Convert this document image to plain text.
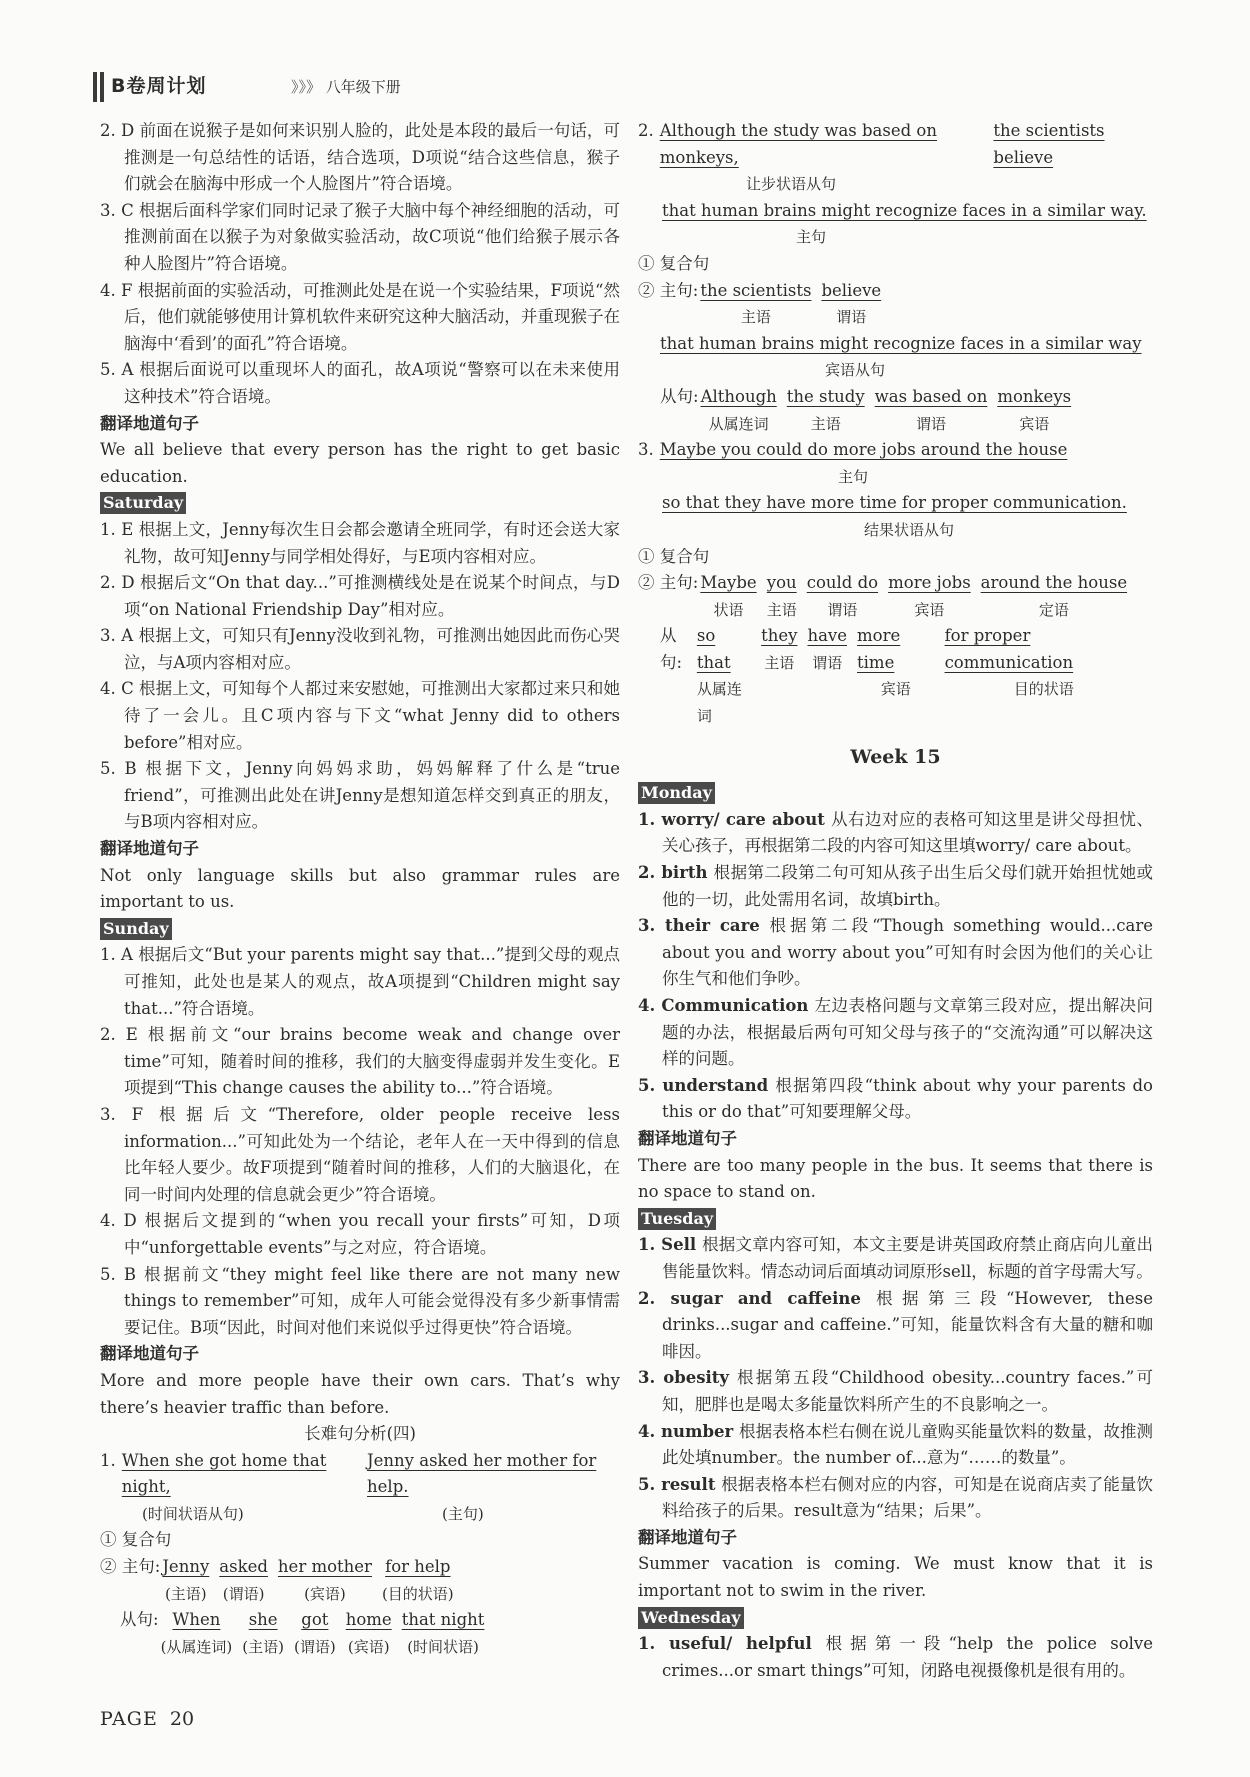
B卷周计划	》》》 八年级下册

2. D 前面在说猴子是如何来识别人脸的，此处是本段的最后一句话，可推测是一句总结性的话语，结合选项，D项说“结合这些信息，猴子们就会在脑海中形成一个人脸图片”符合语境。

3. C 根据后面科学家们同时记录了猴子大脑中每个神经细胞的活动，可推测前面在以猴子为对象做实验活动，故C项说“他们给猴子展示各种人脸图片”符合语境。

4. F 根据前面的实验活动，可推测此处是在说一个实验结果，F项说“然后，他们就能够使用计算机软件来研究这种大脑活动，并重现猴子在脑海中‘看到’的面孔”符合语境。

5. A 根据后面说可以重现坏人的面孔，故A项说“警察可以在未来使用这种技术”符合语境。

翻译地道句子

We all believe that every person has the right to get basic education.

Saturday

1. E 根据上文，Jenny每次生日会都会邀请全班同学，有时还会送大家礼物，故可知Jenny与同学相处得好，与E项内容相对应。

2. D 根据后文“On that day...”可推测横线处是在说某个时间点，与D项“on National Friendship Day”相对应。

3. A 根据上文，可知只有Jenny没收到礼物，可推测出她因此而伤心哭泣，与A项内容相对应。

4. C 根据上文，可知每个人都过来安慰她，可推测出大家都过来只和她待了一会儿。且C项内容与下文“what Jenny did to others before”相对应。

5. B 根据下文，Jenny向妈妈求助，妈妈解释了什么是“true friend”，可推测出此处在讲Jenny是想知道怎样交到真正的朋友，与B项内容相对应。

翻译地道句子

Not only language skills but also grammar rules are important to us.

Sunday

1. A 根据后文“But your parents might say that...”提到父母的观点可推知，此处也是某人的观点，故A项提到“Children might say that...”符合语境。

2. E 根据前文“our brains become weak and change over time”可知，随着时间的推移，我们的大脑变得虚弱并发生变化。E项提到“This change causes the ability to...”符合语境。

3. F 根据后文“Therefore, older people receive less information...”可知此处为一个结论，老年人在一天中得到的信息比年轻人要少。故F项提到“随着时间的推移，人们的大脑退化，在同一时间内处理的信息就会更少”符合语境。

4. D 根据后文提到的“when you recall your firsts”可知，D项中“unforgettable events”与之对应，符合语境。

5. B 根据前文“they might feel like there are not many new things to remember”可知，成年人可能会觉得没有多少新事情需要记住。B项“因此，时间对他们来说似乎过得更快”符合语境。

翻译地道句子

More and more people have their own cars. That’s why there’s heavier traffic than before.

长难句分析(四)

1. When she got home that night,
Jenny asked her mother for help.
(时间状语从句)	(主句)
① 复合句
② 主句: Jenny
(主语)
asked
(谓语)
her mother
(宾语)
for help
(目的状语)
从句: When
(从属连词)
she
(主语)
got
(谓语)
home
(宾语)
that night
(时间状语)
2. Although the study was based on monkeys,
the scientists believe
让步状语从句
that human brains might recognize faces in a similar way.
主句
① 复合句
② 主句: the scientists
主语
believe
谓语
that human brains might recognize faces in a similar way
宾语从句
从句: Although
从属连词
the study
主语
was based on
谓语
monkeys
宾语
3. Maybe you could do more jobs around the house
主句
so that they have more time for proper communication.
结果状语从句
① 复合句
② 主句: Maybe
状语
you
主语
could do
谓语
more jobs
宾语
around the house
定语
从句:
so that
从属连词
they
主语
have
谓语
more time
宾语
for proper communication
目的状语
Week 15
Monday

1. worry/ care about 从右边对应的表格可知这里是讲父母担忧、关心孩子，再根据第二段的内容可知这里填worry/ care about。

2. birth 根据第二段第二句可知从孩子出生后父母们就开始担忧她或他的一切，此处需用名词，故填birth。

3. their care 根据第二段“Though something would...care about you and worry about you”可知有时会因为他们的关心让你生气和他们争吵。

4. Communication 左边表格问题与文章第三段对应，提出解决问题的办法，根据最后两句可知父母与孩子的“交流沟通”可以解决这样的问题。

5. understand 根据第四段“think about why your parents do this or do that”可知要理解父母。

翻译地道句子

There are too many people in the bus. It seems that there is no space to stand on.

Tuesday

1. Sell 根据文章内容可知，本文主要是讲英国政府禁止商店向儿童出售能量饮料。情态动词后面填动词原形sell，标题的首字母需大写。

2. sugar and caffeine 根据第三段“However, these drinks...sugar and caffeine.”可知，能量饮料含有大量的糖和咖啡因。

3. obesity 根据第五段“Childhood obesity...country faces.”可知，肥胖也是喝太多能量饮料所产生的不良影响之一。

4. number 根据表格本栏右侧在说儿童购买能量饮料的数量，故推测此处填number。the number of...意为“……的数量”。

5. result 根据表格本栏右侧对应的内容，可知是在说商店卖了能量饮料给孩子的后果。result意为“结果；后果”。

翻译地道句子

Summer vacation is coming. We must know that it is important not to swim in the river.

Wednesday

1. useful/ helpful 根据第一段“help the police solve crimes...or smart things”可知，闭路电视摄像机是很有用的。

PAGE 20
